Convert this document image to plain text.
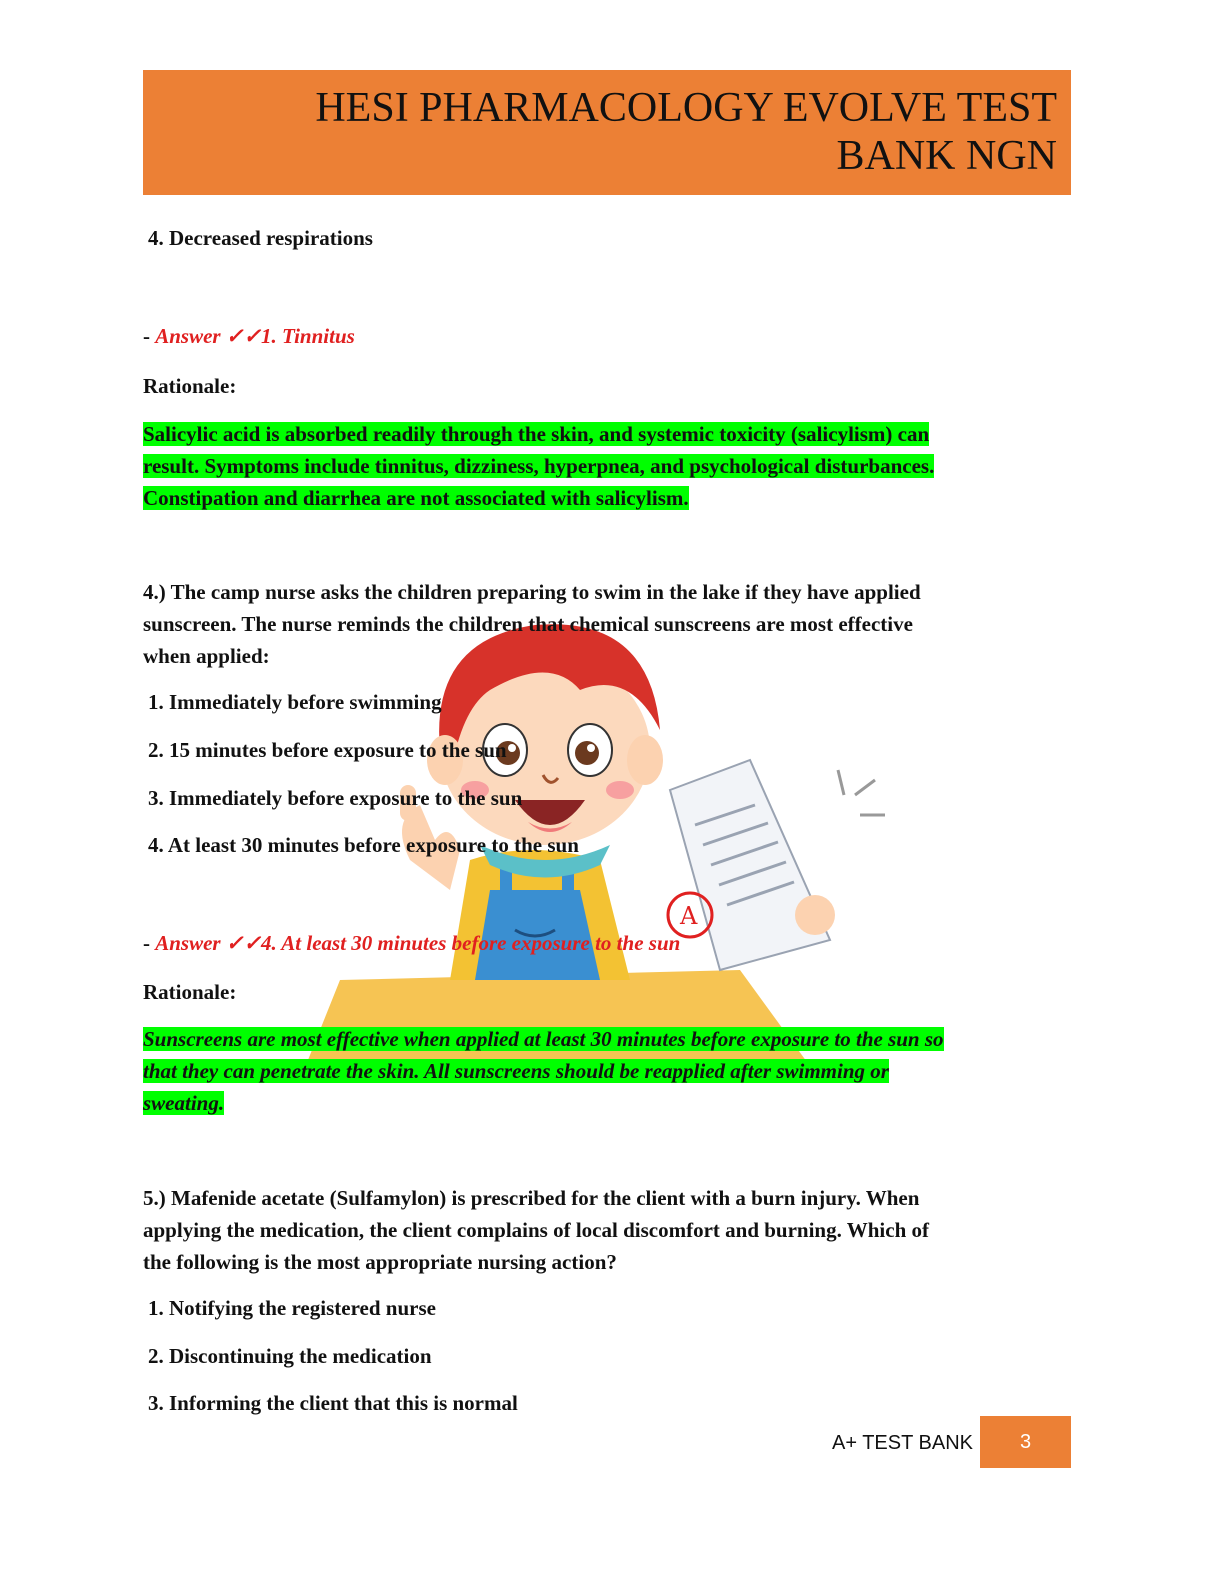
HESI PHARMACOLOGY EVOLVE TEST
BANK NGN
4. Decreased respirations
- Answer ✓✓1. Tinnitus
Rationale:
Salicylic acid is absorbed readily through the skin, and systemic toxicity (salicylism) can
result. Symptoms include tinnitus, dizziness, hyperpnea, and psychological disturbances.
Constipation and diarrhea are not associated with salicylism.
A
4.) The camp nurse asks the children preparing to swim in the lake if they have applied
sunscreen. The nurse reminds the children that chemical sunscreens are most effective
when applied:
1. Immediately before swimming
2. 15 minutes before exposure to the sun
3. Immediately before exposure to the sun
4. At least 30 minutes before exposure to the sun
- Answer ✓✓4. At least 30 minutes before exposure to the sun
Rationale:
Sunscreens are most effective when applied at least 30 minutes before exposure to the sun so
that they can penetrate the skin. All sunscreens should be reapplied after swimming or
sweating.
5.) Mafenide acetate (Sulfamylon) is prescribed for the client with a burn injury. When
applying the medication, the client complains of local discomfort and burning. Which of
the following is the most appropriate nursing action?
1. Notifying the registered nurse
2. Discontinuing the medication
3. Informing the client that this is normal
A+ TEST BANK 3
